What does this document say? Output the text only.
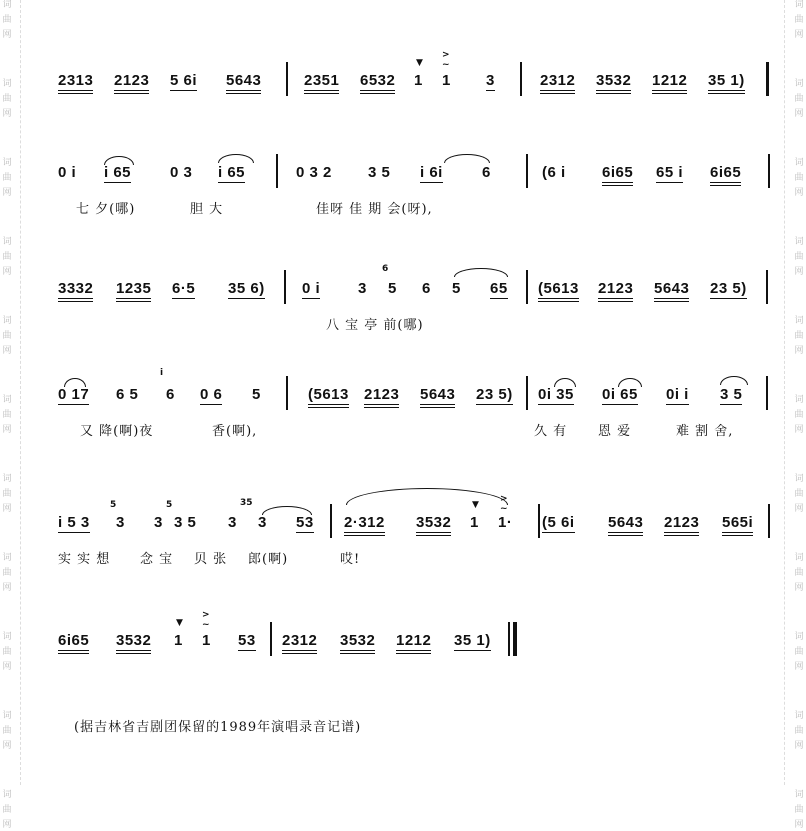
词
曲
网
词
曲
网
词
曲
网
词
曲
网
词
曲
网
词
曲
网
词
曲
网
词
曲
网
词
曲
网
词
曲
网
词
曲
网
词
曲
网
词
曲
网
词
曲
网
词
曲
网
词
曲
网
词
曲
网
词
曲
网
词
曲
网
词
曲
网
词
曲
网
词
曲
网
2313 2123 5 6i 5643	2351 6532
▼
1
>
~
1 3	2312 3532 1212 35 1)
0 i i 65	0 3 i 65	0 3 2 3 5 i 6i	6	(6 i 6i65 65 i 6i65
七 夕(哪)	胆 大	佳呀 佳 期 会(呀),
3332 1235 6·5 35 6) 0 i	3
6
5 6 5 65 (5613 2123 5643 23 5)
八 宝 亭 前(哪)
0 17 6 5
i
6 0 6 5	(5613 2123 5643 23 5) 0i 35 0i 65 0i i 3 5
又 降(啊)夜	香(啊),	久 有 恩 爱	难 割 舍,
i 5 3
5
3 3
5
3 5 3
35
3 53 2·312 3532
▼
1
>
~
1· (5 6i 5643 2123 565i
实 实 想 念 宝 贝 张 郎(啊)	哎!
6i65 3532
▼
1
>
~
1 53 2312 3532 1212 35 1)
(据吉林省吉剧团保留的1989年演唱录音记谱)
